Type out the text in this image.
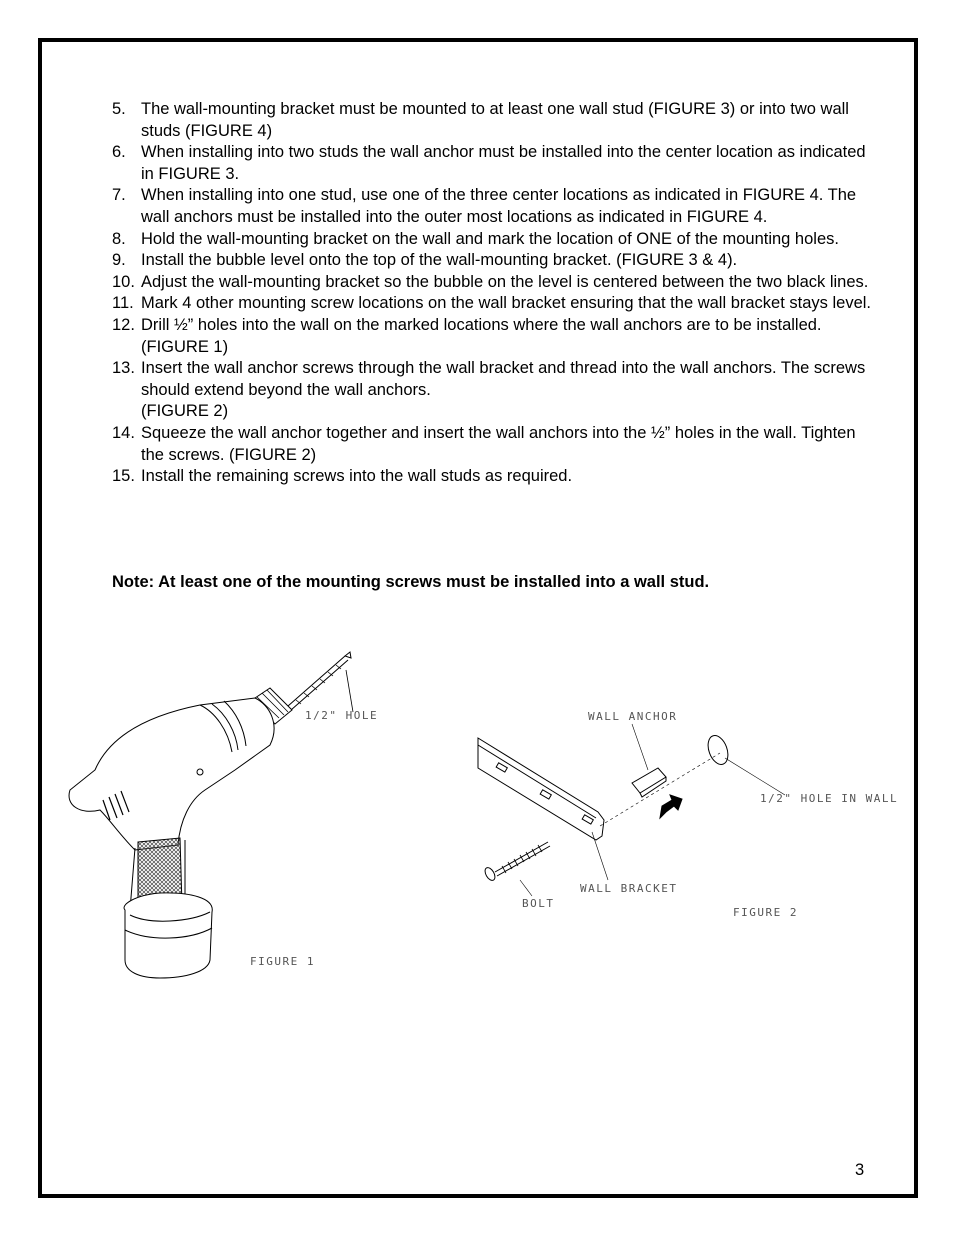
5. The wall-mounting bracket must be mounted to at least one wall stud (FIGURE 3) or into two wall studs (FIGURE 4)
6. When installing into two studs the wall anchor must be installed into the center location as indicated in FIGURE 3.
7. When installing into one stud, use one of the three center locations as indicated in FIGURE 4. The wall anchors must be installed into the outer most locations as indicated in FIGURE 4.
8. Hold the wall-mounting bracket on the wall and mark the location of ONE of the mounting holes.
9. Install the bubble level onto the top of the wall-mounting bracket. (FIGURE 3 & 4).
10. Adjust the wall-mounting bracket so the bubble on the level is centered between the two black lines.
11. Mark 4 other mounting screw locations on the wall bracket ensuring that the wall bracket stays level.
12. Drill ½” holes into the wall on the marked locations where the wall anchors are to be installed. (FIGURE 1)
13. Insert the wall anchor screws through the wall bracket and thread into the wall anchors. The screws should extend beyond the wall anchors.
(FIGURE 2)
14. Squeeze the wall anchor together and insert the wall anchors into the ½” holes in the wall. Tighten the screws. (FIGURE 2)
15. Install the remaining screws into the wall studs as required.
Note: At least one of the mounting screws must be installed into a wall stud.
1/2" HOLE
FIGURE 1
WALL ANCHOR
1/2" HOLE IN WALL
WALL BRACKET
BOLT
FIGURE 2
3
